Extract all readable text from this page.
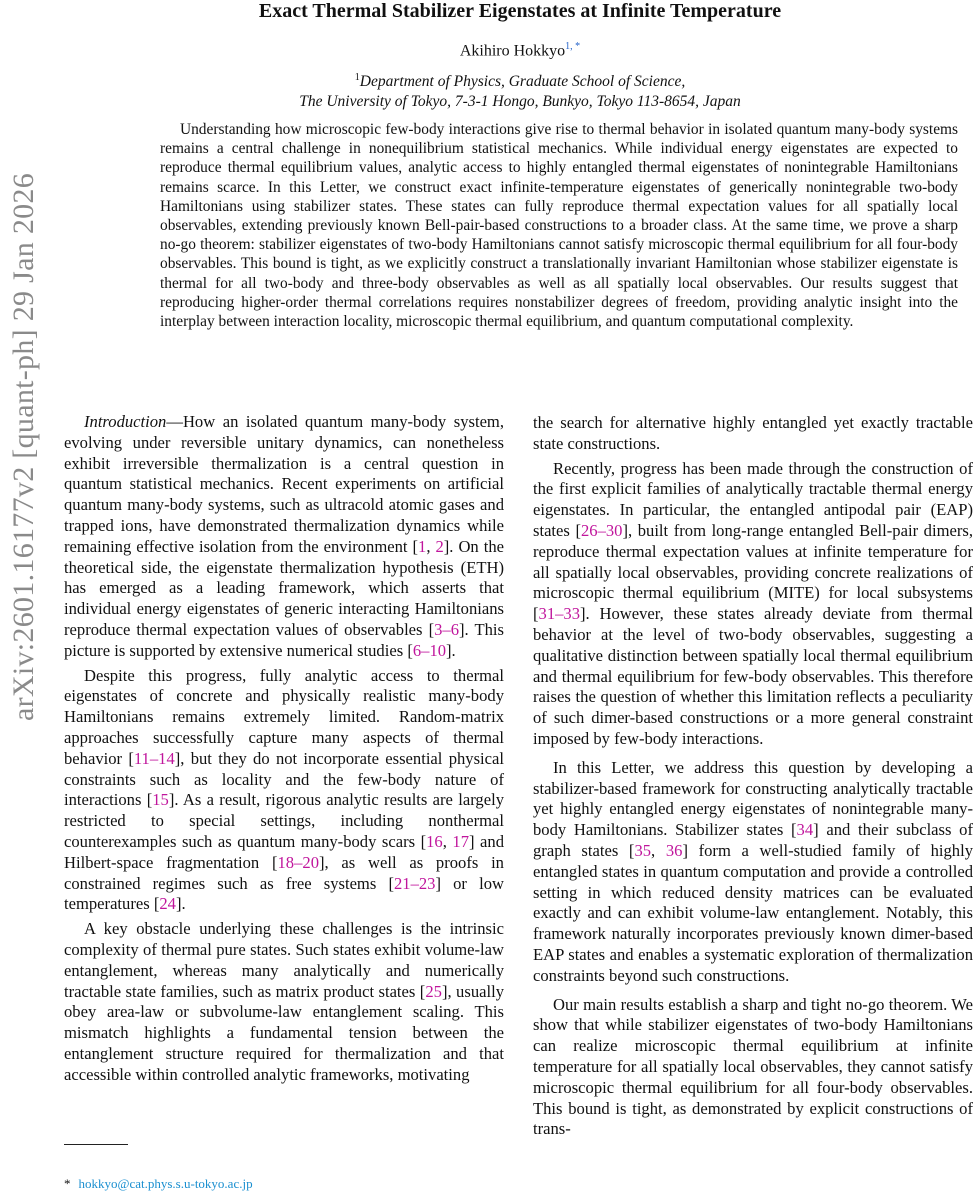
arXiv:2601.16177v2 [quant-ph] 29 Jan 2026
Exact Thermal Stabilizer Eigenstates at Infinite Temperature
Akihiro Hokkyo$^{1, *}$
$^1$Department of Physics, Graduate School of Science,
The University of Tokyo, 7-3-1 Hongo, Bunkyo, Tokyo 113-8654, Japan
Understanding how microscopic few-body interactions give rise to thermal behavior in isolated quantum many-body systems remains a central challenge in nonequilibrium statistical mechanics. While individual energy eigenstates are expected to reproduce thermal equilibrium values, analytic access to highly entangled thermal eigenstates of nonintegrable Hamiltonians remains scarce. In this Letter, we construct exact infinite-temperature eigenstates of generically nonintegrable two-body Hamiltonians using stabilizer states. These states can fully reproduce thermal expectation values for all spatially local observables, extending previously known Bell-pair-based constructions to a broader class. At the same time, we prove a sharp no-go theorem: stabilizer eigenstates of two-body Hamiltonians cannot satisfy microscopic thermal equilibrium for all four-body observables. This bound is tight, as we explicitly construct a translationally invariant Hamiltonian whose stabilizer eigenstate is thermal for all two-body and three-body observables as well as all spatially local observables. Our results suggest that reproducing higher-order thermal correlations requires nonstabilizer degrees of freedom, providing analytic insight into the interplay between interaction locality, microscopic thermal equilibrium, and quantum computational complexity.

Introduction—How an isolated quantum many-body system, evolving under reversible unitary dynamics, can nonetheless exhibit irreversible thermalization is a central question in quantum statistical mechanics. Recent experiments on artificial quantum many-body systems, such as ultracold atomic gases and trapped ions, have demonstrated thermalization dynamics while remaining effective isolation from the environment [1, 2]. On the theoretical side, the eigenstate thermalization hypothesis (ETH) has emerged as a leading framework, which asserts that individual energy eigenstates of generic interacting Hamiltonians reproduce thermal expectation values of observables [3–6]. This picture is supported by extensive numerical studies [6–10].

Despite this progress, fully analytic access to thermal eigenstates of concrete and physically realistic many-body Hamiltonians remains extremely limited. Random-matrix approaches successfully capture many aspects of thermal behavior [11–14], but they do not incorporate essential physical constraints such as locality and the few-body nature of interactions [15]. As a result, rigorous analytic results are largely restricted to special settings, including nonthermal counterexamples such as quantum many-body scars [16, 17] and Hilbert-space fragmentation [18–20], as well as proofs in constrained regimes such as free systems [21–23] or low temperatures [24].

A key obstacle underlying these challenges is the intrinsic complexity of thermal pure states. Such states exhibit volume-law entanglement, whereas many analytically and numerically tractable state families, such as matrix product states [25], usually obey area-law or subvolume-law entanglement scaling. This mismatch highlights a fundamental tension between the entanglement structure required for thermalization and that accessible within controlled analytic frameworks, motivating

the search for alternative highly entangled yet exactly tractable state constructions.

Recently, progress has been made through the construction of the first explicit families of analytically tractable thermal energy eigenstates. In particular, the entangled antipodal pair (EAP) states [26–30], built from long-range entangled Bell-pair dimers, reproduce thermal expectation values at infinite temperature for all spatially local observables, providing concrete realizations of microscopic thermal equilibrium (MITE) for local subsystems [31–33]. However, these states already deviate from thermal behavior at the level of two-body observables, suggesting a qualitative distinction between spatially local thermal equilibrium and thermal equilibrium for few-body observables. This therefore raises the question of whether this limitation reflects a peculiarity of such dimer-based constructions or a more general constraint imposed by few-body interactions.

In this Letter, we address this question by developing a stabilizer-based framework for constructing analytically tractable yet highly entangled energy eigenstates of nonintegrable many-body Hamiltonians. Stabilizer states [34] and their subclass of graph states [35, 36] form a well-studied family of highly entangled states in quantum computation and provide a controlled setting in which reduced density matrices can be evaluated exactly and can exhibit volume-law entanglement. Notably, this framework naturally incorporates previously known dimer-based EAP states and enables a systematic exploration of thermalization constraints beyond such constructions.

Our main results establish a sharp and tight no-go theorem. We show that while stabilizer eigenstates of two-body Hamiltonians can realize microscopic thermal equilibrium at infinite temperature for all spatially local observables, they cannot satisfy microscopic thermal equilibrium for all four-body observables. This bound is tight, as demonstrated by explicit constructions of trans-

* hokkyo@cat.phys.s.u-tokyo.ac.jp
